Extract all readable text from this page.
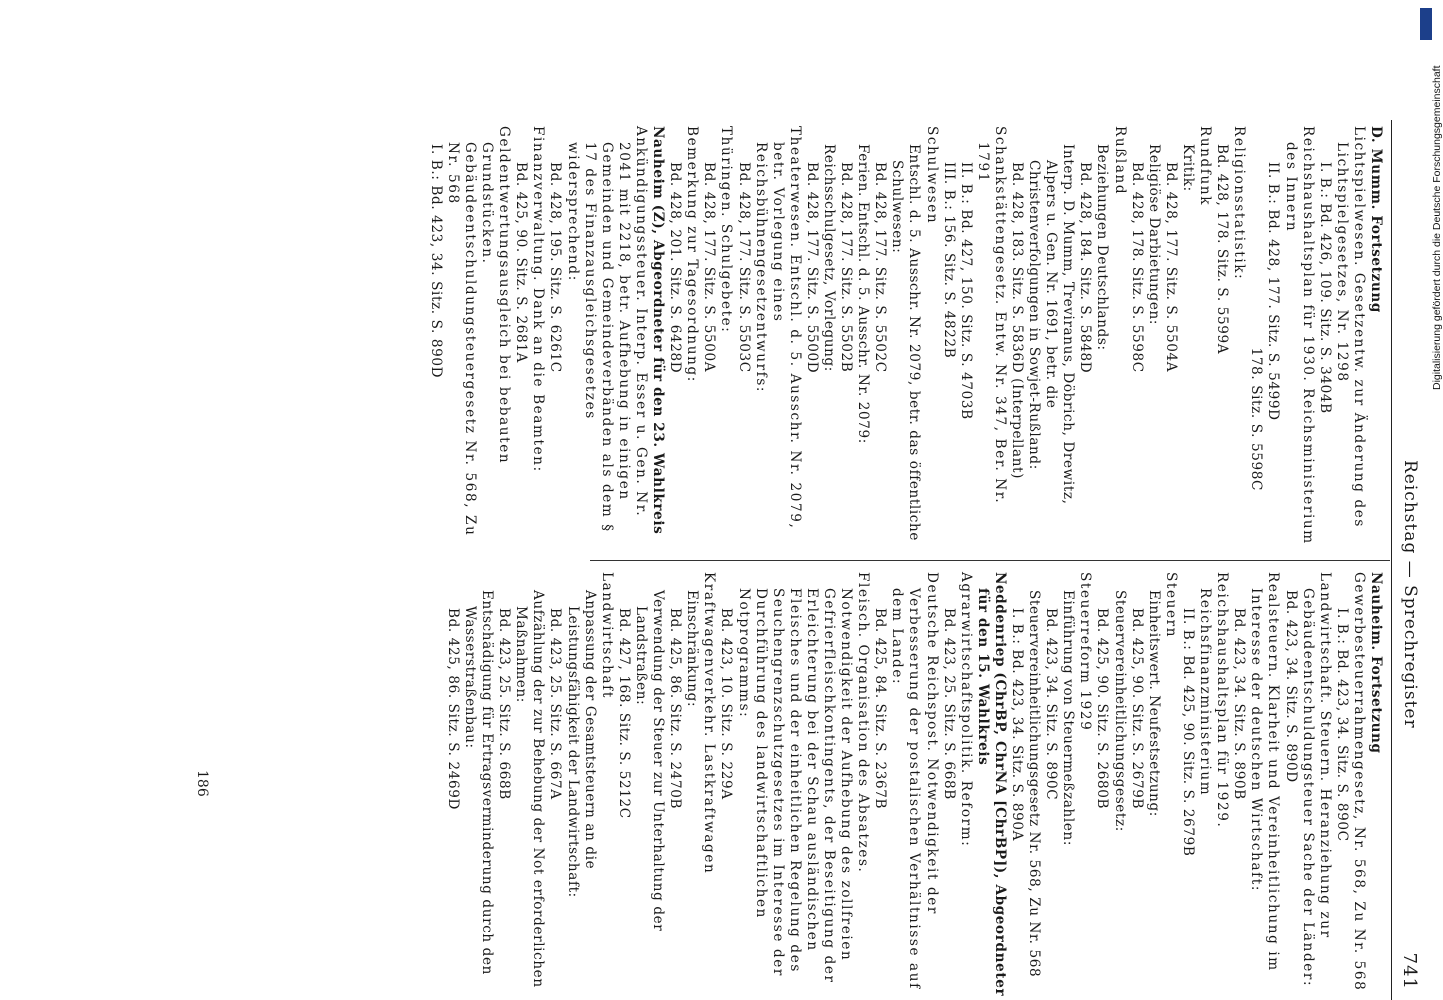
Reichstag — Sprechregister
741

D. Mumm. Fortsetzung

Lichtspielwesen. Gesetzentw. zur Änderung des Lichtspielgesetzes, Nr. 1298

I. B.: Bd. 426, 109. Sitz. S. 3404B

Reichshaushaltsplan für 1930. Reichsministerium des Innern

II. B.: Bd. 428, 177. Sitz. S. 5499D

178. Sitz. S. 5598C

Religionsstatistik:

Bd. 428, 178. Sitz. S. 5599A

Rundfunk

Kritik:

Bd. 428, 177. Sitz. S. 5504A

Religiöse Darbietungen:

Bd. 428, 178. Sitz. S. 5598C

Rußland

Beziehungen Deutschlands:

Bd. 428, 184. Sitz. S. 5848D

Interp. D. Mumm, Treviranus, Döbrich, Drewitz, Alpers u. Gen. Nr. 1691, betr. die Christenverfolgungen in Sowjet-Rußland:

Bd. 428, 183. Sitz. S. 5836D (Interpellant)

Schankstättengesetz. Entw. Nr. 347, Ber. Nr. 1791

II. B.: Bd. 427, 150. Sitz. S. 4703B

III. B.: 156. Sitz. S. 4822B

Schulwesen

Entschl. d. 5. Ausschr. Nr. 2079, betr. das öffentliche Schulwesen:

Bd. 428, 177. Sitz. S. 5502C

Ferien. Entschl. d. 5. Ausschr. Nr. 2079:

Bd. 428, 177. Sitz. S. 5502B

Reichsschulgesetz, Vorlegung:

Bd. 428, 177. Sitz. S. 5500D

Theaterwesen. Entschl. d. 5. Ausschr. Nr. 2079, betr. Vorlegung eines Reichsbühnengesetzentwurfs:

Bd. 428, 177. Sitz. S. 5503C

Thüringen. Schulgebete:

Bd. 428, 177. Sitz. S. 5500A

Bemerkung zur Tagesordnung:

Bd. 428, 201. Sitz. S. 6428D

Nauheim (Z), Abgeordneter für den 23. Wahlkreis

Ankündigungssteuer. Interp. Esser u. Gen. Nr. 2041 mit 2218, betr. Aufhebung in einigen Gemeinden und Gemeindeverbänden als dem § 17 des Finanzausgleichsgesetzes widersprechend:

Bd. 428, 195. Sitz. S. 6261C

Finanzverwaltung. Dank an die Beamten:

Bd. 425, 90. Sitz. S. 2681A

Geldentwertungsausgleich bei bebauten Grundstücken. Gebäudeentschuldungsteuergesetz Nr. 568, Zu Nr. 568

I. B.: Bd. 423, 34. Sitz. S. 890D

Nauheim. Fortsetzung

Gewerbesteuerrahmengesetz, Nr. 568, Zu Nr. 568

I. B.: Bd. 423, 34. Sitz. S. 890C

Landwirtschaft. Steuern. Heranziehung zur Gebäudeentschuldungsteuer Sache der Länder:

Bd. 423, 34. Sitz. S. 890D

Realsteuern. Klarheit und Vereinheitlichung im Interesse der deutschen Wirtschaft:

Bd. 423, 34. Sitz. S. 890B

Reichshaushaltsplan für 1929. Reichsfinanzministerium

II. B.: Bd. 425, 90. Sitz. S. 2679B

Steuern

Einheitswert. Neufestsetzung:

Bd. 425, 90. Sitz. S. 2679B

Steuervereinheitlichungsgesetz:

Bd. 425, 90. Sitz. S. 2680B

Steuerreform 1929

Einführung von Steuermeßzahlen:

Bd. 423, 34. Sitz. S. 890C

Steuervereinheitlichungsgesetz Nr. 568, Zu Nr. 568

I. B.: Bd. 423, 34. Sitz. S. 890A

Neddenriep (ChrBP, ChrNA [ChrBP]), Abgeordneter für den 15. Wahlkreis

Agrarwirtschaftspolitik. Reform:

Bd. 423, 25. Sitz. S. 668B

Deutsche Reichspost. Notwendigkeit der Verbesserung der postalischen Verhältnisse auf dem Lande:

Bd. 425, 84. Sitz. S. 2367B

Fleisch. Organisation des Absatzes. Notwendigkeit der Aufhebung des zollfreien Gefrierfleischkontingents, der Beseitigung der Erleichterung bei der Schau ausländischen Fleisches und der einheitlichen Regelung des Seuchengrenzschutzgesetzes im Interesse der Durchführung des landwirtschaftlichen Notprogramms:

Bd. 423, 10. Sitz. S. 229A

Kraftwagenverkehr. Lastkraftwagen

Einschränkung:

Bd. 425, 86. Sitz. S. 2470B

Verwendung der Steuer zur Unterhaltung der Landstraßen:

Bd. 427, 168. Sitz. S. 5212C

Landwirtschaft

Anpassung der Gesamtsteuern an die Leistungsfähigkeit der Landwirtschaft:

Bd. 423, 25. Sitz. S. 667A

Aufzählung der zur Behebung der Not erforderlichen Maßnahmen:

Bd. 423, 25. Sitz. S. 668B

Entschädigung für Ertragsverminderung durch den Wasserstraßenbau:

Bd. 425, 86. Sitz. S. 2469D

186
Digitalisierung gefördert durch die Deutsche Forschungsgemeinschaft
